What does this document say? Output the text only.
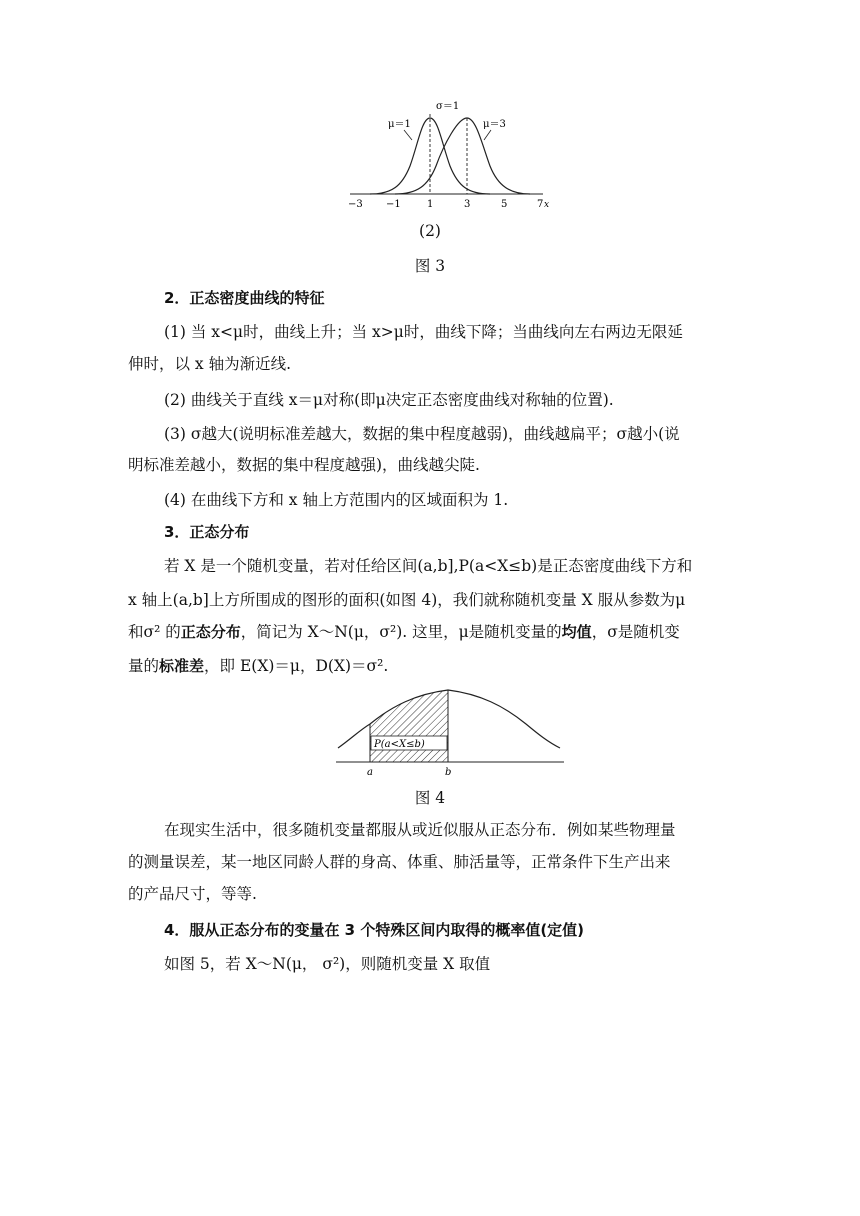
σ＝1
μ＝1	μ＝3
−3 −1	1	3	5	7 x
(2)
图 3
2．正态密度曲线的特征
(1) 当 x<μ时，曲线上升；当 x>μ时，曲线下降；当曲线向左右两边无限延
伸时，以 x 轴为渐近线.
(2) 曲线关于直线 x＝μ对称(即μ决定正态密度曲线对称轴的位置).
(3) σ越大(说明标准差越大，数据的集中程度越弱)，曲线越扁平；σ越小(说
明标准差越小，数据的集中程度越强)，曲线越尖陡.
(4) 在曲线下方和 x 轴上方范围内的区域面积为 1.
3．正态分布
若 X 是一个随机变量，若对任给区间(a,b],P(a<X≤b)是正态密度曲线下方和
x 轴上(a,b]上方所围成的图形的面积(如图 4)，我们就称随机变量 X 服从参数为μ
和σ² 的正态分布，简记为 X～N(μ，σ²). 这里，μ是随机变量的均值，σ是随机变
量的标准差，即 E(X)＝μ，D(X)＝σ².
P(a<X≤b)
a	b
图 4
在现实生活中，很多随机变量都服从或近似服从正态分布．例如某些物理量
的测量误差，某一地区同龄人群的身高、体重、肺活量等，正常条件下生产出来
的产品尺寸，等等.
4．服从正态分布的变量在 3 个特殊区间内取得的概率值(定值)
如图 5，若 X～N(μ， σ²)，则随机变量 X 取值
